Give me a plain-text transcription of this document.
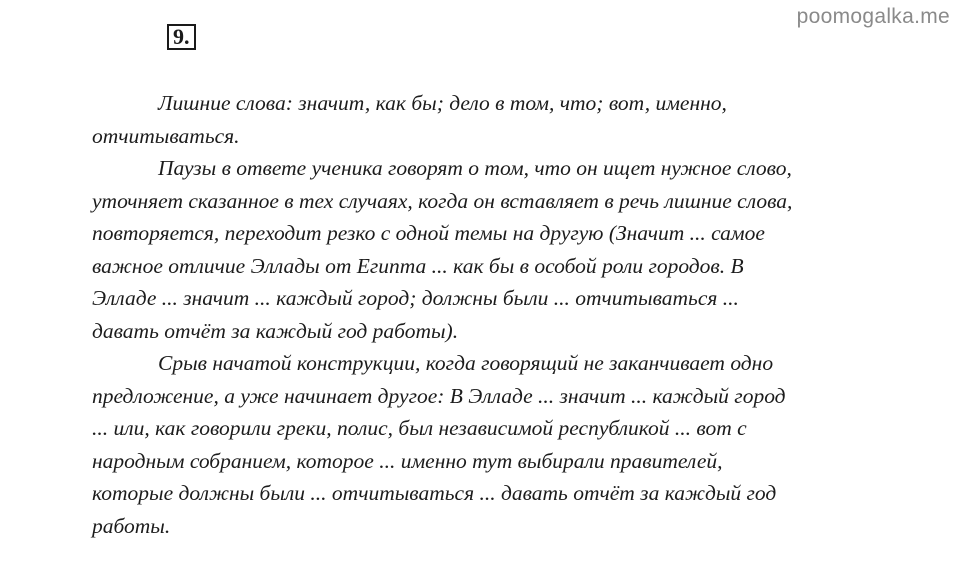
poomogalka.me
9.
Лишние слова: значит, как бы; дело в том, что; вот, именно,
отчитываться.
Паузы в ответе ученика говорят о том, что он ищет нужное слово,
уточняет сказанное в тех случаях, когда он вставляет в речь лишние слова,
повторяется, переходит резко с одной темы на другую (Значит ... самое
важное отличие Эллады от Египта ... как бы в особой роли городов. В
Элладе ... значит ... каждый город; должны были ... отчитываться ...
давать отчёт за каждый год работы).
Срыв начатой конструкции, когда говорящий не заканчивает одно
предложение, а уже начинает другое: В Элладе ... значит ... каждый город
... или, как говорили греки, полис, был независимой республикой ... вот с
народным собранием, которое ... именно тут выбирали правителей,
которые должны были ... отчитываться ... давать отчёт за каждый год
работы.
